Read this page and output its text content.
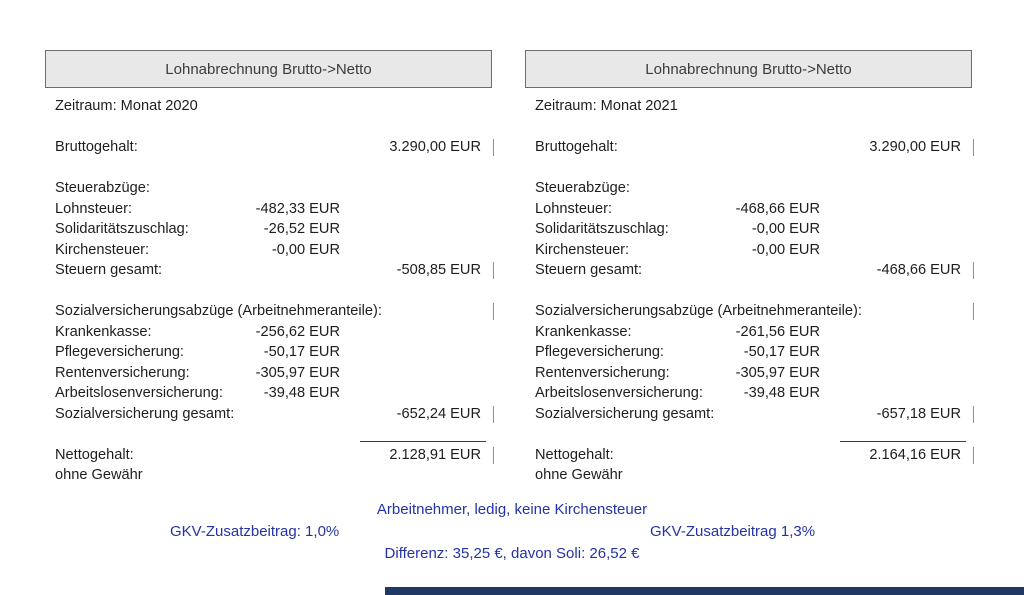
Lohnabrechnung Brutto->Netto
Zeitraum: Monat 2020
Bruttogehalt:	3.290,00 EUR
Steuerabzüge:
Lohnsteuer:	-482,33 EUR
Solidaritätszuschlag:	-26,52 EUR
Kirchensteuer:	-0,00 EUR
Steuern gesamt:	-508,85 EUR
Sozialversicherungsabzüge (Arbeitnehmeranteile):
Krankenkasse:	-256,62 EUR
Pflegeversicherung:	-50,17 EUR
Rentenversicherung:	-305,97 EUR
Arbeitslosenversicherung:	-39,48 EUR
Sozialversicherung gesamt:	-652,24 EUR
Nettogehalt:	2.128,91 EUR
ohne Gewähr
Lohnabrechnung Brutto->Netto
Zeitraum: Monat 2021
Bruttogehalt:	3.290,00 EUR
Steuerabzüge:
Lohnsteuer:	-468,66 EUR
Solidaritätszuschlag:	-0,00 EUR
Kirchensteuer:	-0,00 EUR
Steuern gesamt:	-468,66 EUR
Sozialversicherungsabzüge (Arbeitnehmeranteile):
Krankenkasse:	-261,56 EUR
Pflegeversicherung:	-50,17 EUR
Rentenversicherung:	-305,97 EUR
Arbeitslosenversicherung:	-39,48 EUR
Sozialversicherung gesamt:	-657,18 EUR
Nettogehalt:	2.164,16 EUR
ohne Gewähr
Arbeitnehmer, ledig, keine Kirchensteuer
GKV-Zusatzbeitrag: 1,0%	GKV-Zusatzbeitrag 1,3%
Differenz: 35,25 €, davon Soli: 26,52 €
